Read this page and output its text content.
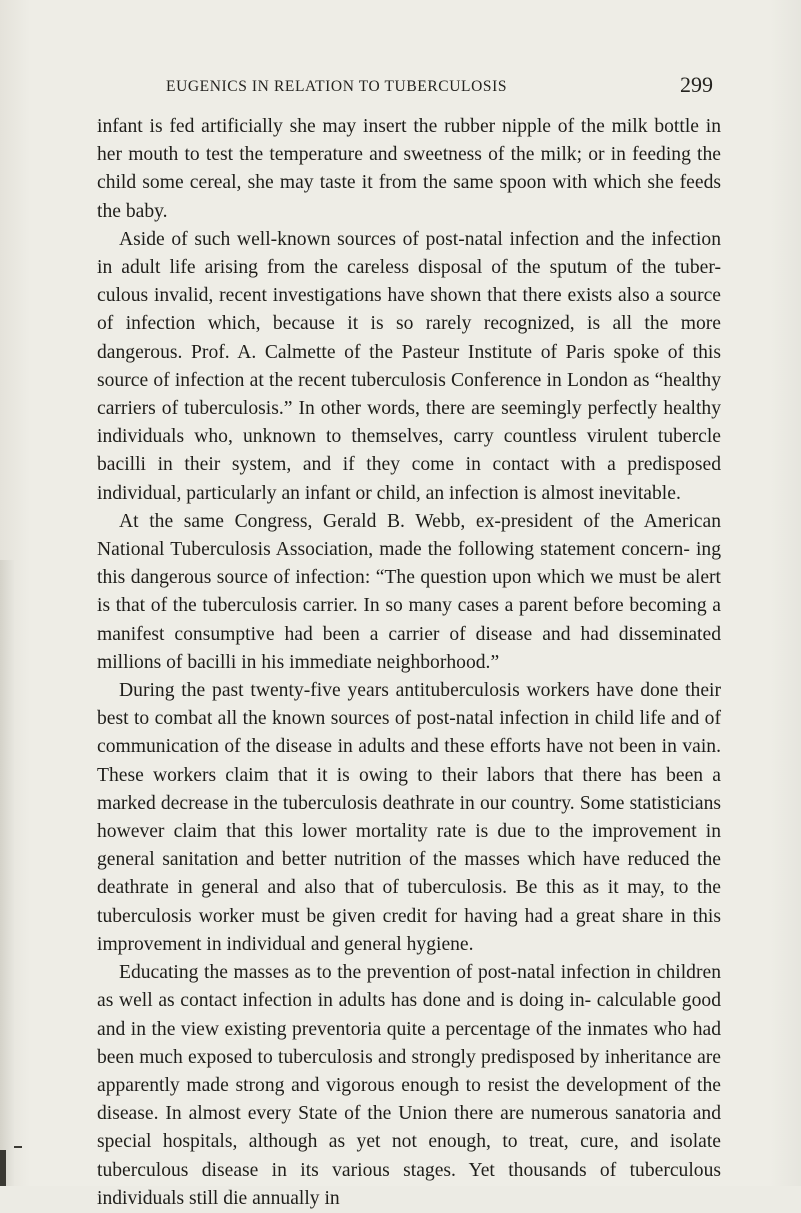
EUGENICS IN RELATION TO TUBERCULOSIS	299

infant is fed artificially she may insert the rubber nipple of the milk bottle in her mouth to test the temperature and sweetness of the milk; or in feeding the child some cereal, she may taste it from the same spoon with which she feeds the baby.

Aside of such well-known sources of post-natal infection and the infection in adult life arising from the careless disposal of the sputum of the tuber- culous invalid, recent investigations have shown that there exists also a source of infection which, because it is so rarely recognized, is all the more dangerous. Prof. A. Calmette of the Pasteur Institute of Paris spoke of this source of infection at the recent tuberculosis Conference in London as “healthy carriers of tuberculosis.” In other words, there are seemingly perfectly healthy individuals who, unknown to themselves, carry countless virulent tubercle bacilli in their system, and if they come in contact with a predisposed individual, particularly an infant or child, an infection is almost inevitable.

At the same Congress, Gerald B. Webb, ex-president of the American National Tuberculosis Association, made the following statement concern- ing this dangerous source of infection: “The question upon which we must be alert is that of the tuberculosis carrier. In so many cases a parent before becoming a manifest consumptive had been a carrier of disease and had disseminated millions of bacilli in his immediate neighborhood.”

During the past twenty-five years antituberculosis workers have done their best to combat all the known sources of post-natal infection in child life and of communication of the disease in adults and these efforts have not been in vain. These workers claim that it is owing to their labors that there has been a marked decrease in the tuberculosis deathrate in our country. Some statisticians however claim that this lower mortality rate is due to the improvement in general sanitation and better nutrition of the masses which have reduced the deathrate in general and also that of tuberculosis. Be this as it may, to the tuberculosis worker must be given credit for having had a great share in this improvement in individual and general hygiene.

Educating the masses as to the prevention of post-natal infection in children as well as contact infection in adults has done and is doing in- calculable good and in the view existing preventoria quite a percentage of the inmates who had been much exposed to tuberculosis and strongly predisposed by inheritance are apparently made strong and vigorous enough to resist the development of the disease. In almost every State of the Union there are numerous sanatoria and special hospitals, although as yet not enough, to treat, cure, and isolate tuberculous disease in its various stages. Yet thousands of tuberculous individuals still die annually in
